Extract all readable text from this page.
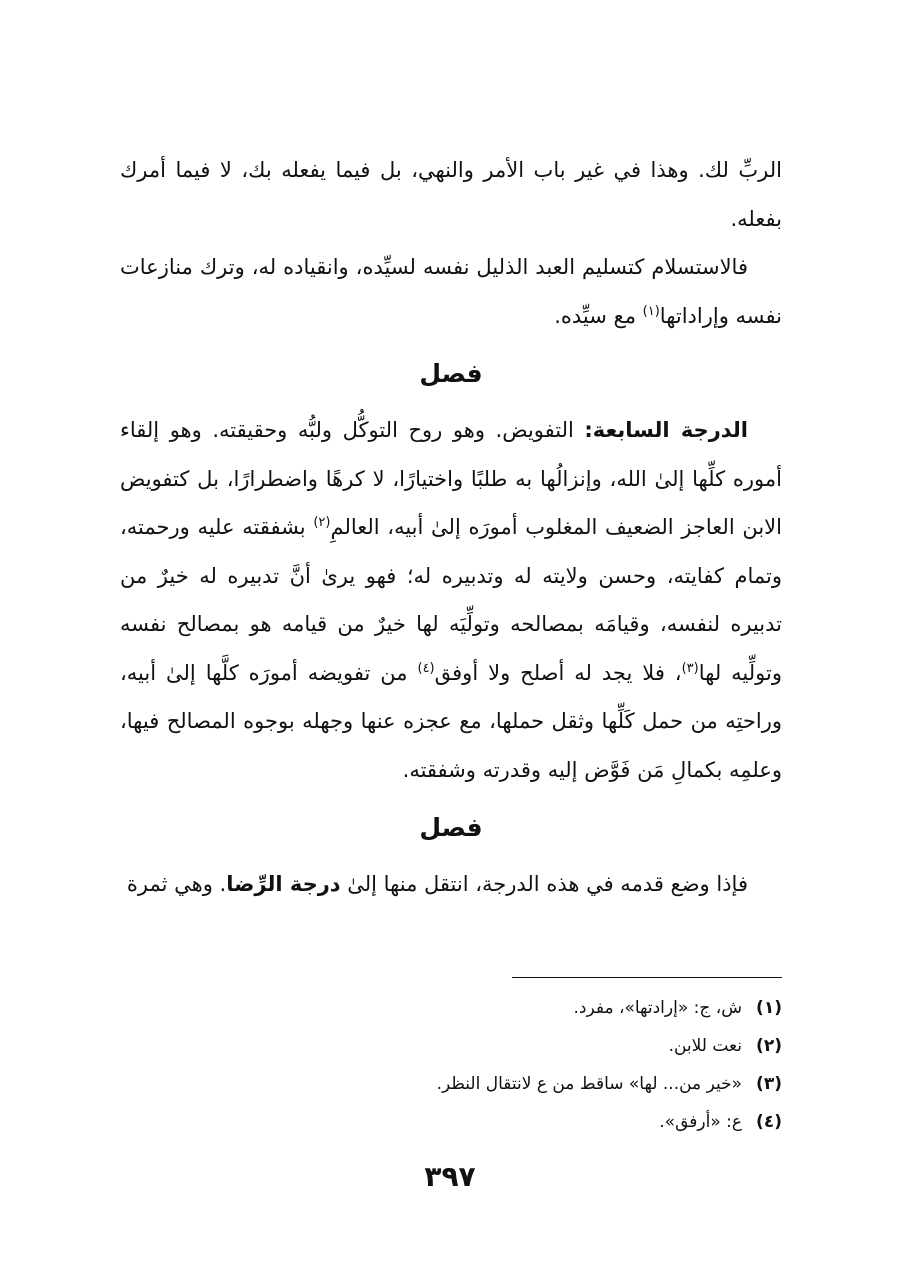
الربِّ لك. وهذا في غير باب الأمر والنهي، بل فيما يفعله بك، لا فيما أمرك بفعله.

فالاستسلام كتسليم العبد الذليل نفسه لسيِّده، وانقياده له، وترك منازعات نفسه وإراداتها$^{(١)}$ مع سيِّده.

فصل

الدرجة السابعة: التفويض. وهو روح التوكُّل ولبُّه وحقيقته. وهو إلقاء أموره كلِّها إلىٰ الله، وإنزالُها به طلبًا واختيارًا، لا كرهًا واضطرارًا، بل كتفويض الابن العاجز الضعيف المغلوب أمورَه إلىٰ أبيه، العالمِ$^{(٢)}$ بشفقته عليه ورحمته، وتمام كفايته، وحسن ولايته له وتدبيره له؛ فهو يرىٰ أنَّ تدبيره له خيرٌ من تدبيره لنفسه، وقيامَه بمصالحه وتولِّيَه لها خيرٌ من قيامه هو بمصالح نفسه وتولِّيه لها$^{(٣)}$، فلا يجد له أصلح ولا أوفق$^{(٤)}$ من تفويضه أمورَه كلَّها إلىٰ أبيه، وراحتِه من حمل كَلِّها وثقل حملها، مع عجزه عنها وجهله بوجوه المصالح فيها، وعلمِه بكمالِ مَن فَوَّض إليه وقدرته وشفقته.

فصل

فإذا وضع قدمه في هذه الدرجة، انتقل منها إلىٰ درجة الرِّضا. وهي ثمرة

(١)
ش، ج: «إرادتها»، مفرد.
(٢)
نعت للابن.
(٣)
«خير من... لها» ساقط من ع لانتقال النظر.
(٤)
ع: «أرفق».
٣٩٧
